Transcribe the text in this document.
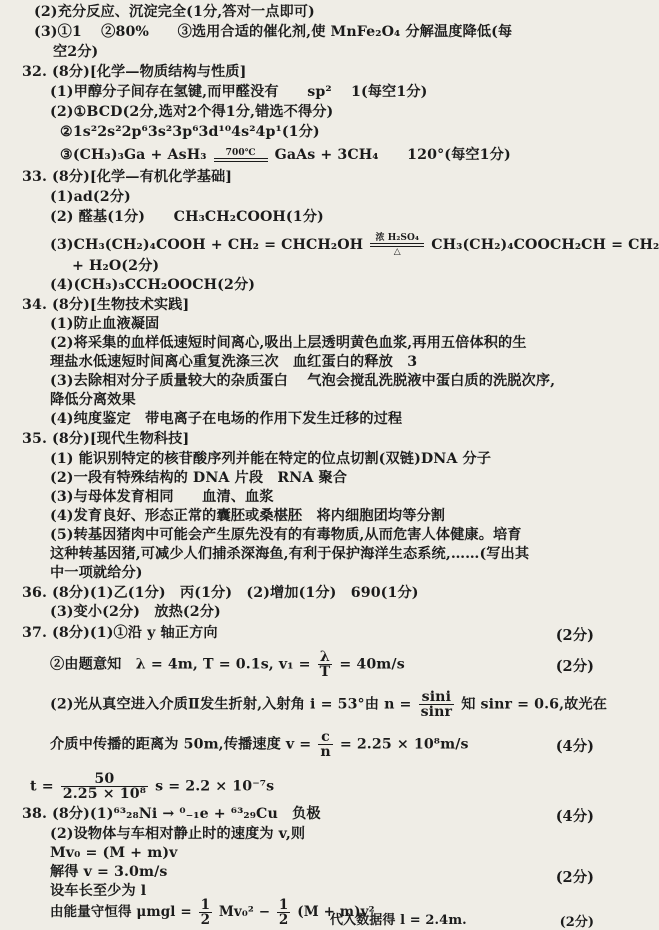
(2)充分反应、沉淀完全(1分,答对一点即可)
(3)①1　 ②80%　　③选用合适的催化剂,使 MnFe₂O₄ 分解温度降低(每
空2分)
32. (8分)[化学—物质结构与性质]
(1)甲醇分子间存在氢键,而甲醛没有　　sp²　 1(每空1分)
(2)①BCD(2分,选对2个得1分,错选不得分)
②1s²2s²2p⁶3s²3p⁶3d¹⁰4s²4p¹(1分)
③(CH₃)₃Ga + AsH₃ 700℃ GaAs + 3CH₄　　120°(每空1分)
33. (8分)[化学—有机化学基础]
(1)ad(2分)
(2) 醛基(1分)　　CH₃CH₂COOH(1分)
(3)CH₃(CH₂)₄COOH + CH₂ = CHCH₂OH 浓 H₂SO₄
△ CH₃(CH₂)₄COOCH₂CH = CH₂
+ H₂O(2分)
(4)(CH₃)₃CCH₂OOCH(2分)
34. (8分)[生物技术实践]
(1)防止血液凝固
(2)将采集的血样低速短时间离心,吸出上层透明黄色血浆,再用五倍体积的生
理盐水低速短时间离心重复洗涤三次　血红蛋白的释放　3
(3)去除相对分子质量较大的杂质蛋白　 气泡会搅乱洗脱液中蛋白质的洗脱次序,
降低分离效果
(4)纯度鉴定　带电离子在电场的作用下发生迁移的过程
35. (8分)[现代生物科技]
(1) 能识别特定的核苷酸序列并能在特定的位点切割(双链)DNA 分子
(2)一段有特殊结构的 DNA 片段　RNA 聚合
(3)与母体发育相同　　血清、血浆
(4)发育良好、形态正常的囊胚或桑椹胚　将内细胞团均等分割
(5)转基因猪肉中可能会产生原先没有的有毒物质,从而危害人体健康。培育
这种转基因猪,可减少人们捕杀深海鱼,有利于保护海洋生态系统,……(写出其
中一项就给分)
36. (8分)(1)乙(1分)　丙(1分)　(2)增加(1分)　690(1分)
(3)变小(2分)　放热(2分)
37. (8分)(1)①沿 y 轴正方向	(2分)
②由题意知　λ = 4m, T = 0.1s, $v_1 = \frac{\lambda}{T} = 40m/s$	(2分)
(2)光从真空进入介质Ⅱ发生折射,入射角 i = 53°由 $n = \frac{\sin i}{\sin r}$ 知 sinr = 0.6,故光在
介质中传播的距离为 50m,传播速度 $v = \frac{c}{n} = 2.25 \times 10^8m/s$	(4分)
$t = \frac{50}{\text{2.25 × 10⁸}}$ s = 2.2 × 10⁻⁷s
38. (8分)(1)⁶³₂₈Ni → ⁰₋₁e + ⁶³₂₉Cu　负极	(4分)
(2)设物体与车相对静止时的速度为 v,则
Mv₀ = (M + m)v
解得 v = 3.0m/s	(2分)
设车长至少为 l
由能量守恒得 $\mu mgl = \frac{1}{2} Mv_0^2 - \frac{1}{2} (M + m)v^2$
代入数据得 l = 2.4m.	(2分)
